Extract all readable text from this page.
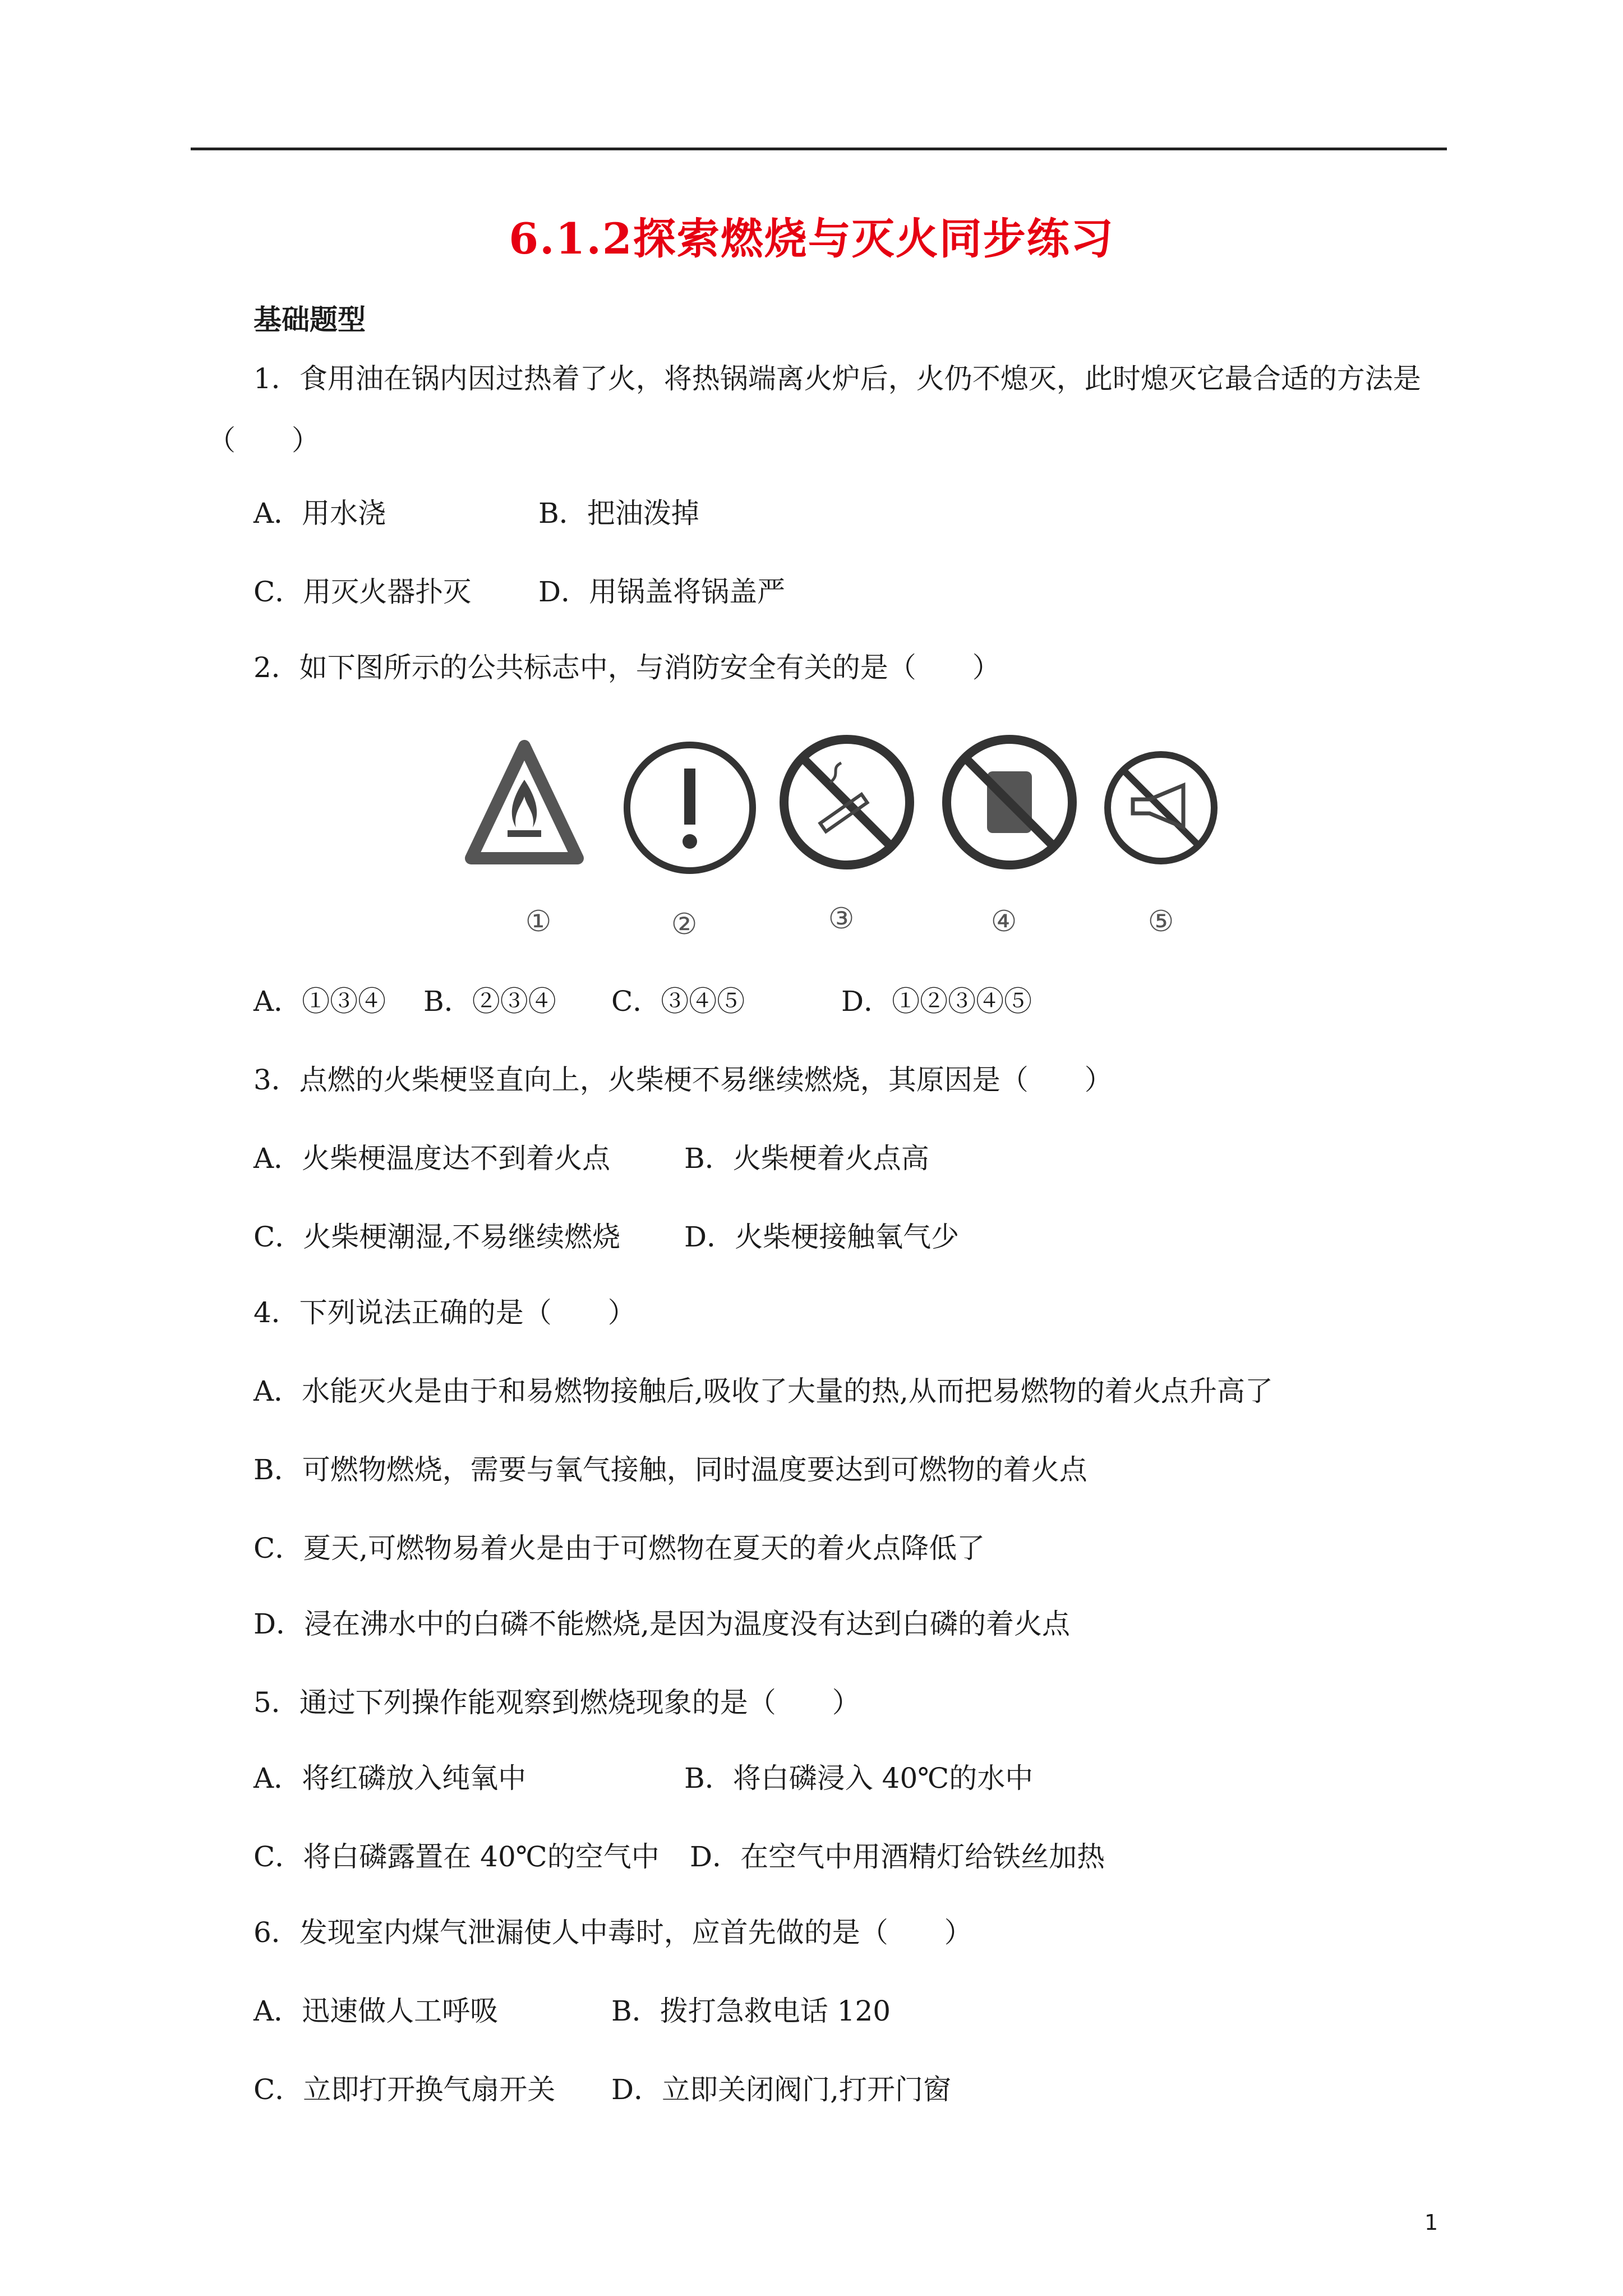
6.1.2探索燃烧与灭火同步练习
基础题型
1．食用油在锅内因过热着了火，将热锅端离火炉后，火仍不熄灭，此时熄灭它最合适的方法是
（　　）
A．用水浇	B．把油泼掉
C．用灭火器扑灭 D．用锅盖将锅盖严
2．如下图所示的公共标志中，与消防安全有关的是（　　）
①	②	③	④	⑤
A．①③④ B．②③④ C．③④⑤	D．①②③④⑤
3．点燃的火柴梗竖直向上，火柴梗不易继续燃烧，其原因是（　　）
A．火柴梗温度达不到着火点	B．火柴梗着火点高
C．火柴梗潮湿,不易继续燃烧 D．火柴梗接触氧气少
4．下列说法正确的是（　　）
A．水能灭火是由于和易燃物接触后,吸收了大量的热,从而把易燃物的着火点升高了
B．可燃物燃烧，需要与氧气接触，同时温度要达到可燃物的着火点
C．夏天,可燃物易着火是由于可燃物在夏天的着火点降低了
D．浸在沸水中的白磷不能燃烧,是因为温度没有达到白磷的着火点
5．通过下列操作能观察到燃烧现象的是（　　）
A．将红磷放入纯氧中	B．将白磷浸入 40℃的水中
C．将白磷露置在 40℃的空气中 D．在空气中用酒精灯给铁丝加热
6．发现室内煤气泄漏使人中毒时，应首先做的是（　　）
A．迅速做人工呼吸	B．拨打急救电话 120
C．立即打开换气扇开关 D．立即关闭阀门,打开门窗
1
